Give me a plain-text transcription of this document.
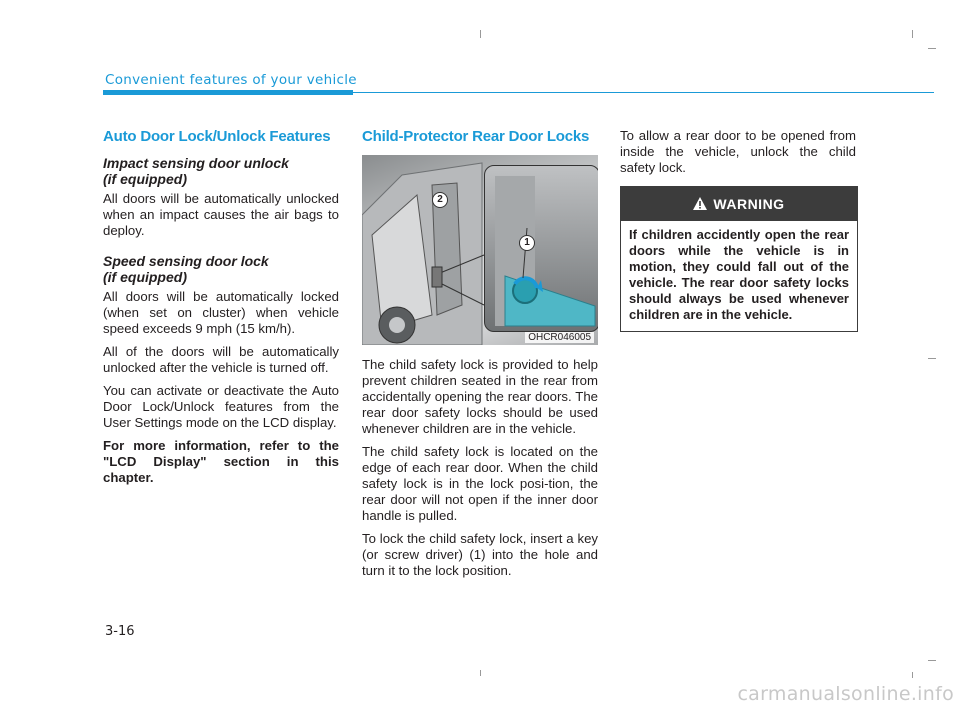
Convenient features of your vehicle
Auto Door Lock/Unlock Features
Impact sensing door unlock
(if equipped)

All doors will be automatically unlocked when an impact causes the air bags to deploy.

Speed sensing door lock
(if equipped)

All doors will be automatically locked (when set on cluster) when vehicle speed exceeds 9 mph (15 km/h).

All of the doors will be automatically unlocked after the vehicle is turned off.

You can activate or deactivate the Auto Door Lock/Unlock features from the User Settings mode on the LCD display.

For more information, refer to the "LCD Display" section in this chapter.

Child-Protector Rear Door Locks
2
1
OHCR046005

The child safety lock is provided to help prevent children seated in the rear from accidentally opening the rear doors. The rear door safety locks should be used whenever children are in the vehicle.

The child safety lock is located on the edge of each rear door. When the child safety lock is in the lock posi-tion, the rear door will not open if the inner door handle is pulled.

To lock the child safety lock, insert a key (or screw driver) (1) into the hole and turn it to the lock position.

To allow a rear door to be opened from inside the vehicle, unlock the child safety lock.

WARNING

If children accidently open the rear doors while the vehicle is in motion, they could fall out of the vehicle. The rear door safety locks should always be used whenever children are in the vehicle.

3-16
carmanualsonline.info
